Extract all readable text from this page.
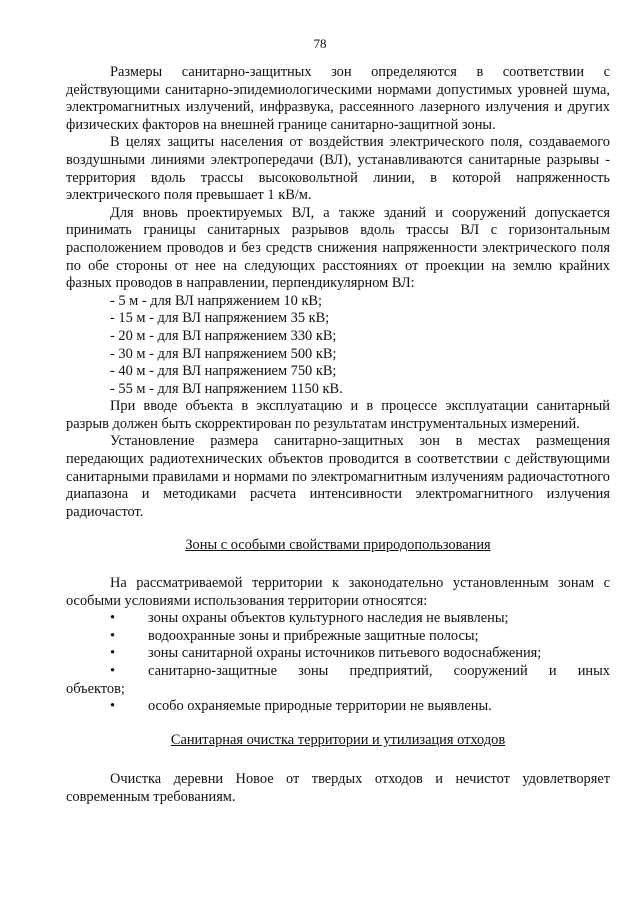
78

Размеры санитарно-защитных зон определяются в соответствии с действующими санитарно-эпидемиологическими нормами допустимых уровней шума, электромагнитных излучений, инфразвука, рассеянного лазерного излучения и других физических факторов на внешней границе санитарно-защитной зоны.

В целях защиты населения от воздействия электрического поля, создаваемого воздушными линиями электропередачи (ВЛ), устанавливаются санитарные разрывы - территория вдоль трассы высоковольтной линии, в которой напряженность электрического поля превышает 1 кВ/м.

Для вновь проектируемых ВЛ, а также зданий и сооружений допускается принимать границы санитарных разрывов вдоль трассы ВЛ с горизонтальным расположением проводов и без средств снижения напряженности электрического поля по обе стороны от нее на следующих расстояниях от проекции на землю крайних фазных проводов в направлении, перпендикулярном ВЛ:

- 5 м - для ВЛ напряжением 10 кВ;
- 15 м - для ВЛ напряжением 35 кВ;
- 20 м - для ВЛ напряжением 330 кВ;
- 30 м - для ВЛ напряжением 500 кВ;
- 40 м - для ВЛ напряжением 750 кВ;
- 55 м - для ВЛ напряжением 1150 кВ.

При вводе объекта в эксплуатацию и в процессе эксплуатации санитарный разрыв должен быть скорректирован по результатам инструментальных измерений.

Установление размера санитарно-защитных зон в местах размещения передающих радиотехнических объектов проводится в соответствии с действующими санитарными правилами и нормами по электромагнитным излучениям радиочастотного диапазона и методиками расчета интенсивности электромагнитного излучения радиочастот.

Зоны с особыми свойствами природопользования

На рассматриваемой территории к законодательно установленным зонам с особыми условиями использования территории относятся:

• зоны охраны объектов культурного наследия не выявлены;
• водоохранные зоны и прибрежные защитные полосы;
• зоны санитарной охраны источников питьевого водоснабжения;
• санитарно-защитные зоны предприятий, сооружений и иных
объектов;
• особо охраняемые природные территории не выявлены.
Санитарная очистка территории и утилизация отходов

Очистка деревни Новое от твердых отходов и нечистот удовлетворяет современным требованиям.
